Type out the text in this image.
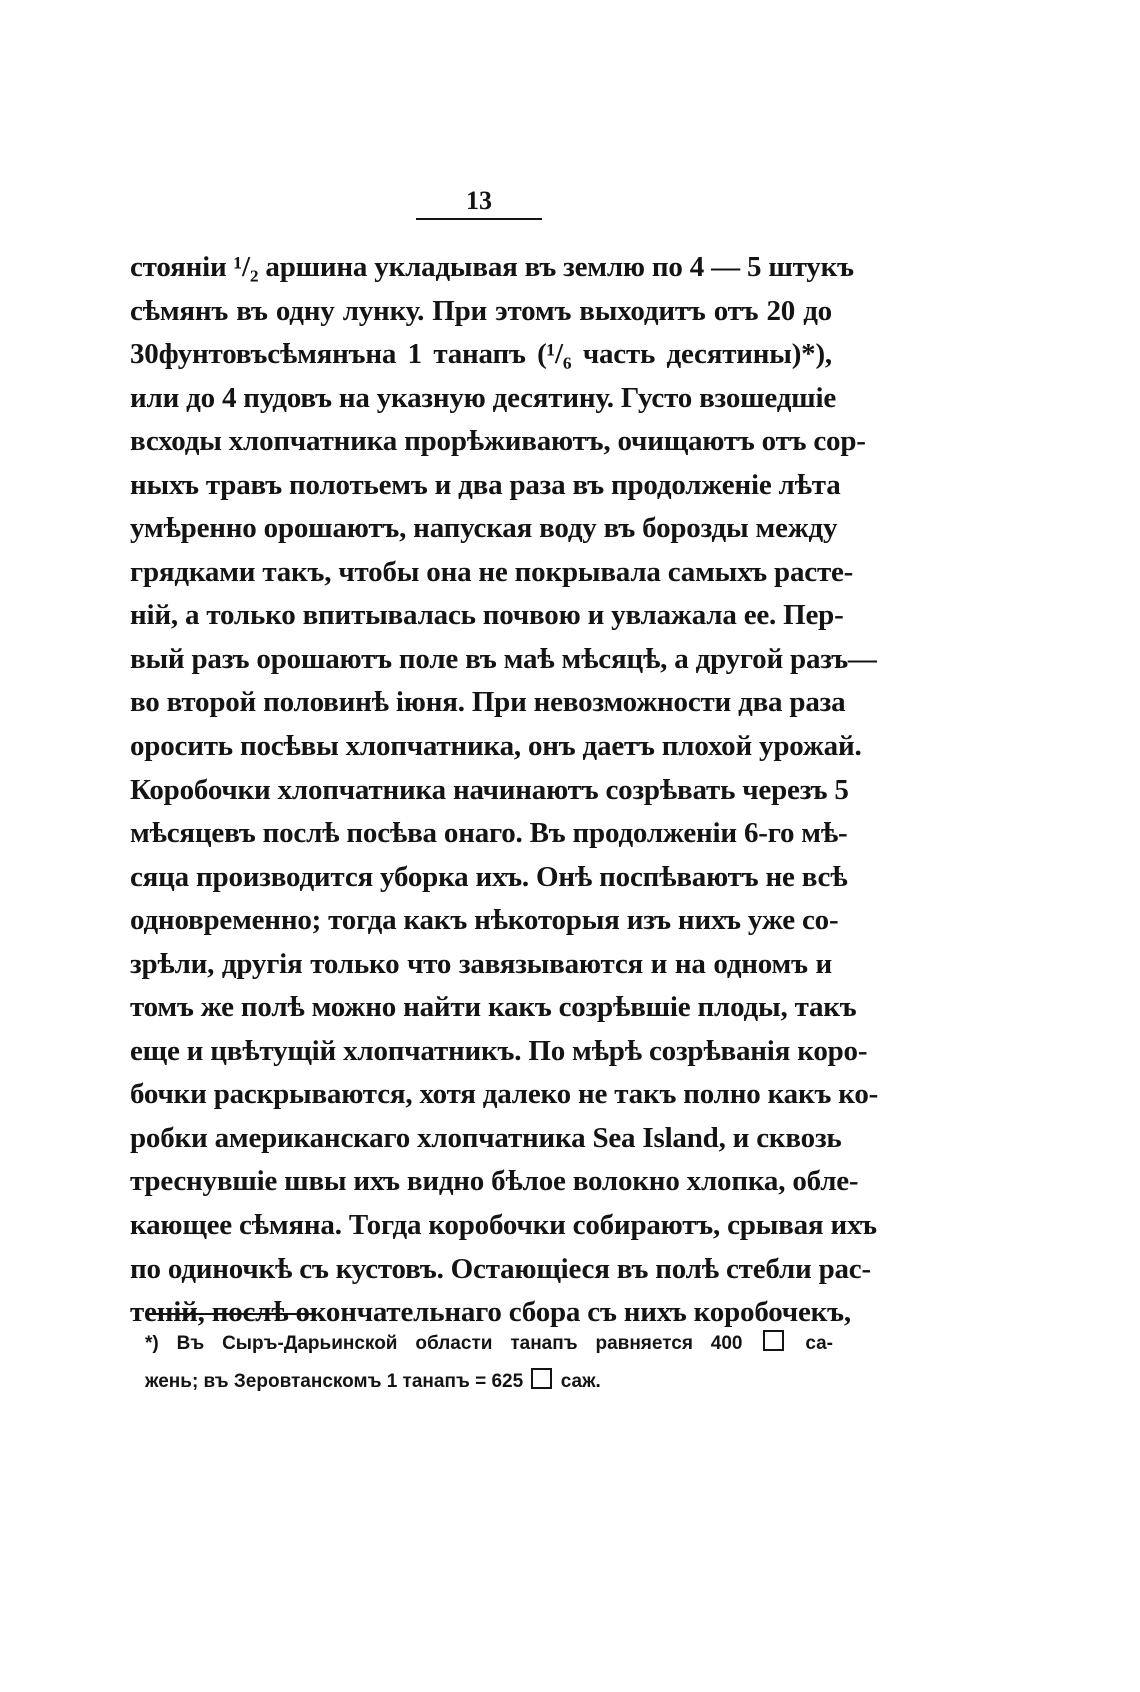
13
стояніи ¹/₂ аршина укладывая въ землю по 4 — 5 штукъ
сѣмянъ въ одну лунку. При этомъ выходитъ отъ 20 до
30фунтовъсѣмянъна 1 танапъ (¹/₆ часть десятины)*),
или до 4 пудовъ на указную десятину. Густо взошедшіе
всходы хлопчатника прорѣживаютъ, очищаютъ отъ сор-
ныхъ травъ полотьемъ и два раза въ продолженіе лѣта
умѣренно орошаютъ, напуская воду въ борозды между
грядками такъ, чтобы она не покрывала самыхъ расте-
ній, а только впитывалась почвою и увлажала ее. Пер-
вый разъ орошаютъ поле въ маѣ мѣсяцѣ, а другой разъ—
во второй половинѣ іюня. При невозможности два раза
оросить посѣвы хлопчатника, онъ даетъ плохой урожай.
Коробочки хлопчатника начинаютъ созрѣвать черезъ 5
мѣсяцевъ послѣ посѣва онаго. Въ продолженіи 6-го мѣ-
сяца производится уборка ихъ. Онѣ поспѣваютъ не всѣ
одновременно; тогда какъ нѣкоторыя изъ нихъ уже со-
зрѣли, другія только что завязываются и на одномъ и
томъ же полѣ можно найти какъ созрѣвшіе плоды, такъ
еще и цвѣтущій хлопчатникъ. По мѣрѣ созрѣванія коро-
бочки раскрываются, хотя далеко не такъ полно какъ ко-
робки американскаго хлопчатника Sea Island, и сквозь
треснувшіе швы ихъ видно бѣлое волокно хлопка, обле-
кающее сѣмяна. Тогда коробочки собираютъ, срывая ихъ
по одиночкѣ съ кустовъ. Остающіеся въ полѣ стебли рас-
теній, послѣ окончательнаго сбора съ нихъ коробочекъ,
*) Въ Сыръ-Дарьинской области танапъ равняется 400	са-
жень; въ Зеровтанскомъ 1 танапъ = 625 саж.
